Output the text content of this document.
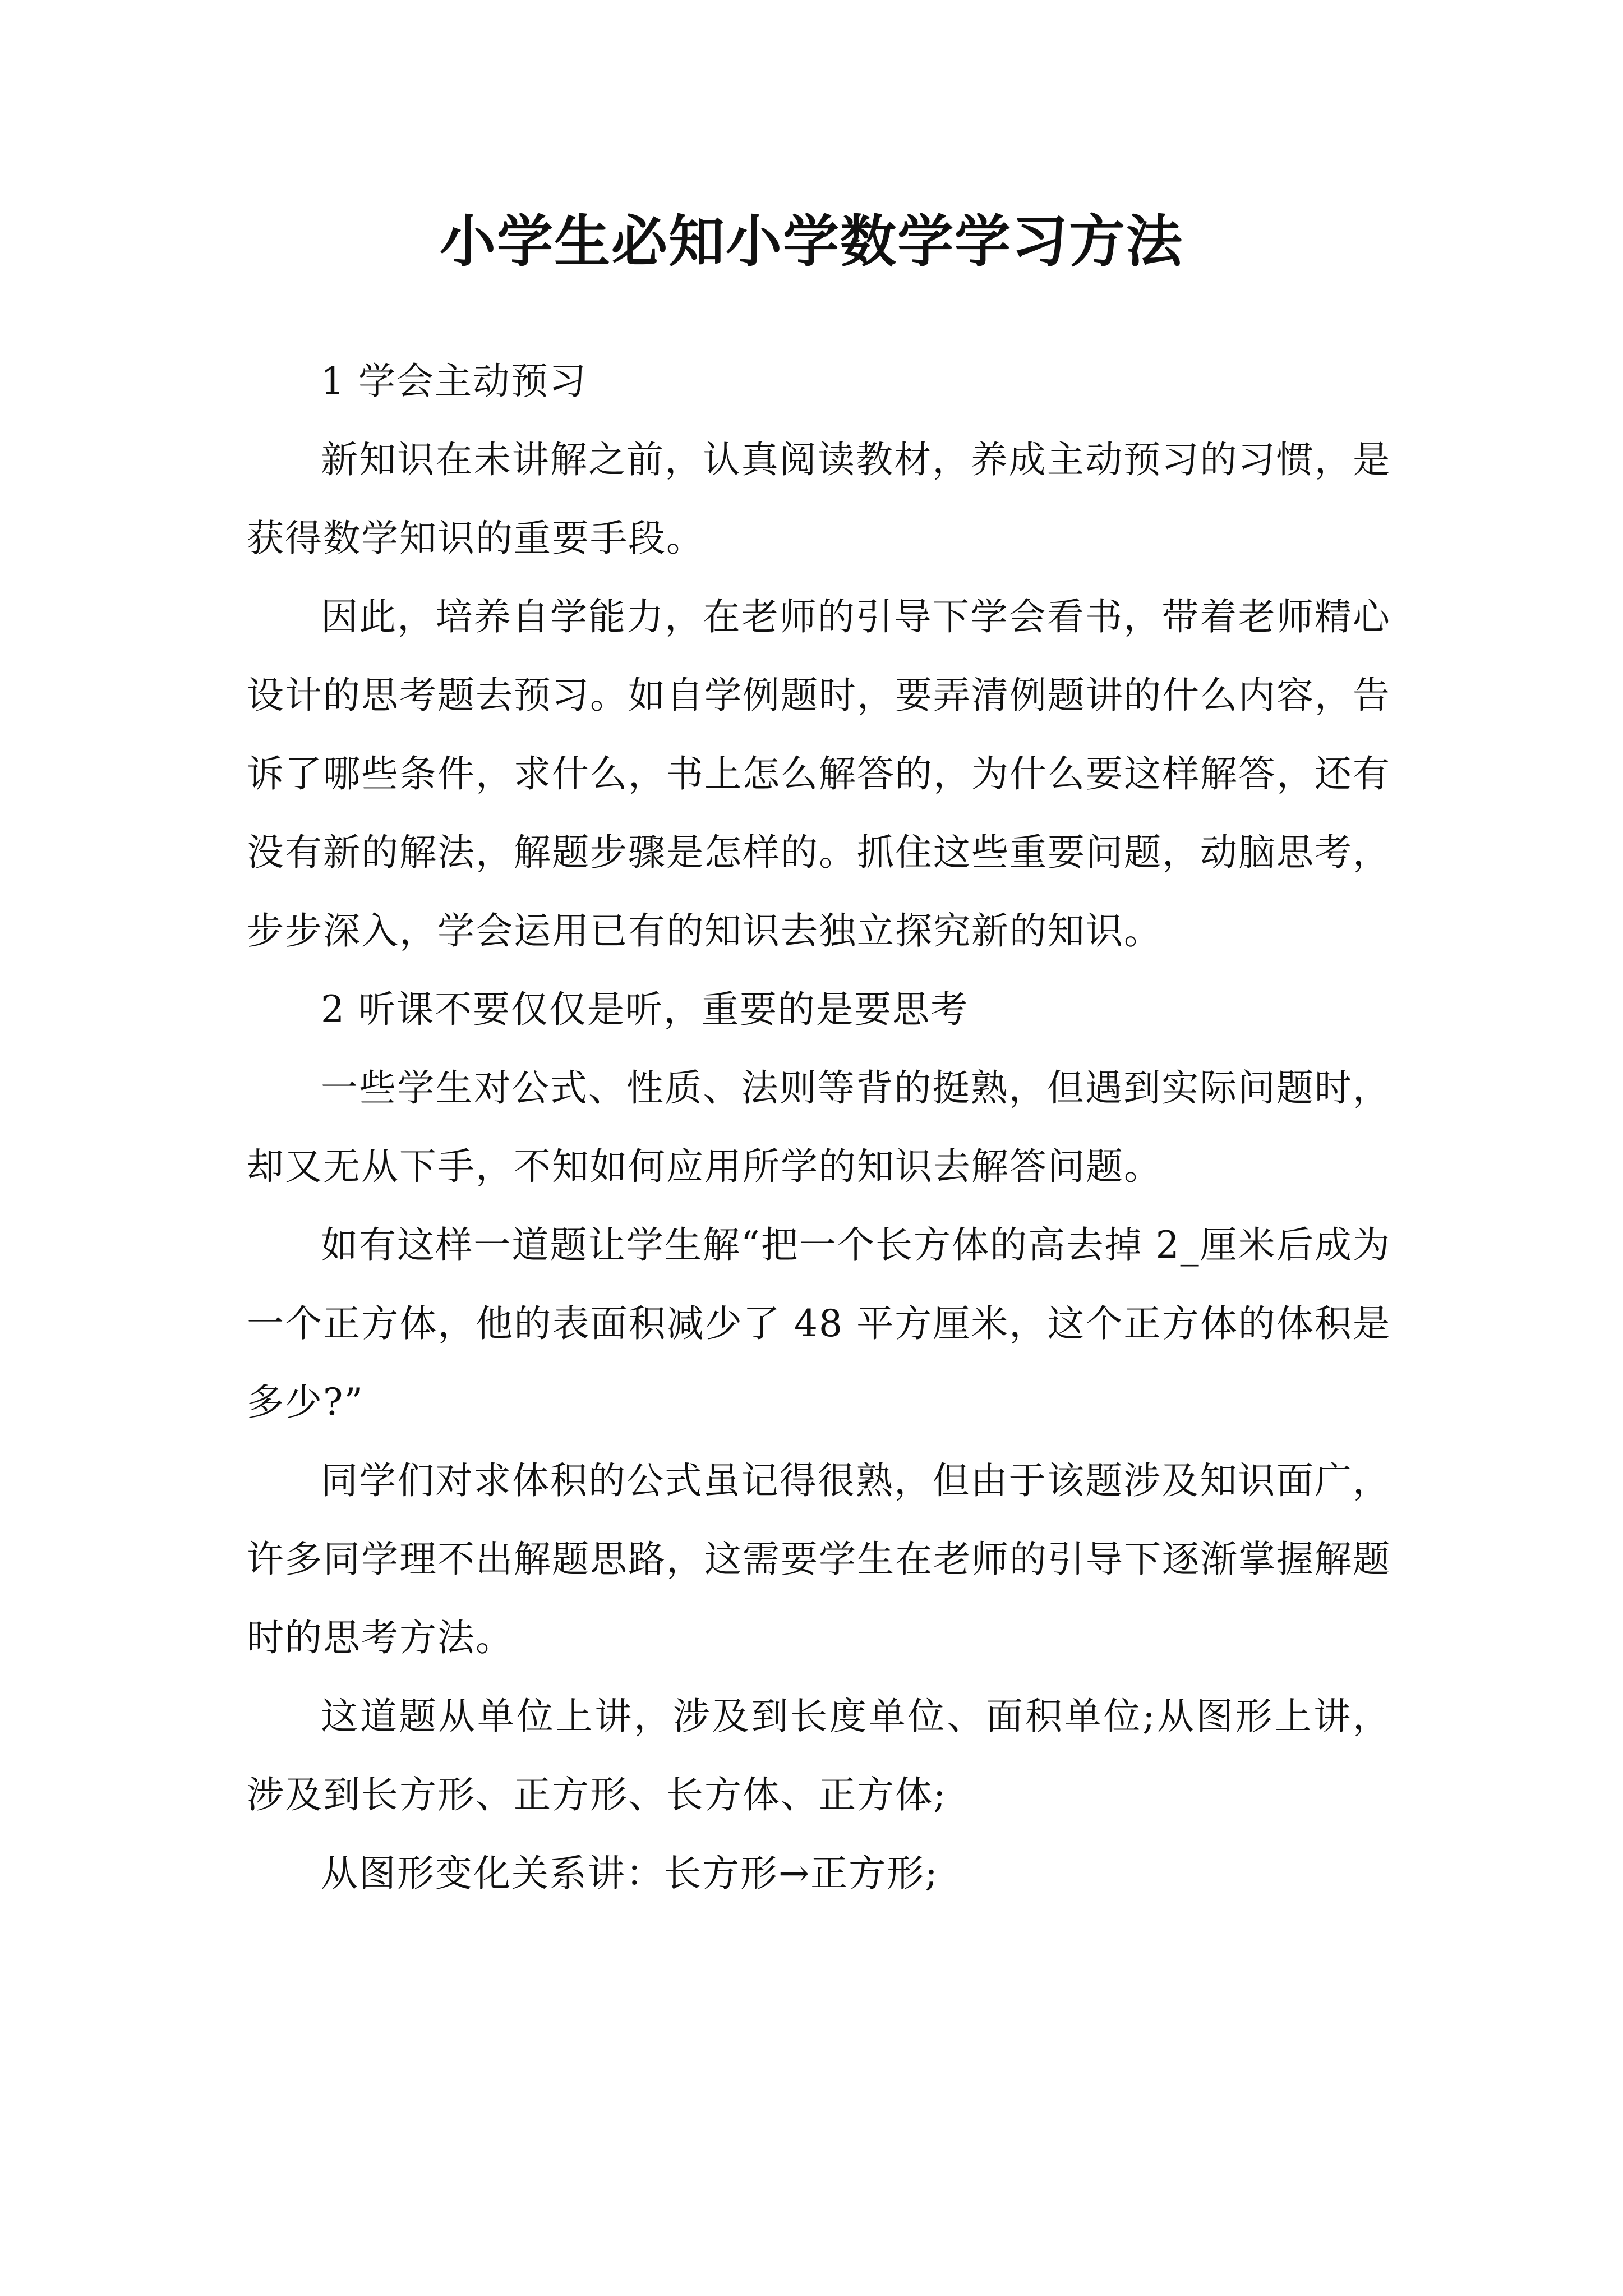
小学生必知小学数学学习方法

1 学会主动预习

新知识在未讲解之前，认真阅读教材，养成主动预习的习惯，是获得数学知识的重要手段。

因此，培养自学能力，在老师的引导下学会看书，带着老师精心设计的思考题去预习。如自学例题时，要弄清例题讲的什么内容，告诉了哪些条件，求什么，书上怎么解答的，为什么要这样解答，还有没有新的解法，解题步骤是怎样的。抓住这些重要问题，动脑思考，步步深入，学会运用已有的知识去独立探究新的知识。

2 听课不要仅仅是听，重要的是要思考

一些学生对公式、性质、法则等背的挺熟，但遇到实际问题时，却又无从下手，不知如何应用所学的知识去解答问题。

如有这样一道题让学生解“把一个长方体的高去掉 2_厘米后成为一个正方体，他的表面积减少了 48 平方厘米，这个正方体的体积是多少?”

同学们对求体积的公式虽记得很熟，但由于该题涉及知识面广，许多同学理不出解题思路，这需要学生在老师的引导下逐渐掌握解题时的思考方法。

这道题从单位上讲，涉及到长度单位、面积单位;从图形上讲，涉及到长方形、正方形、长方体、正方体;

从图形变化关系讲：长方形→正方形;
